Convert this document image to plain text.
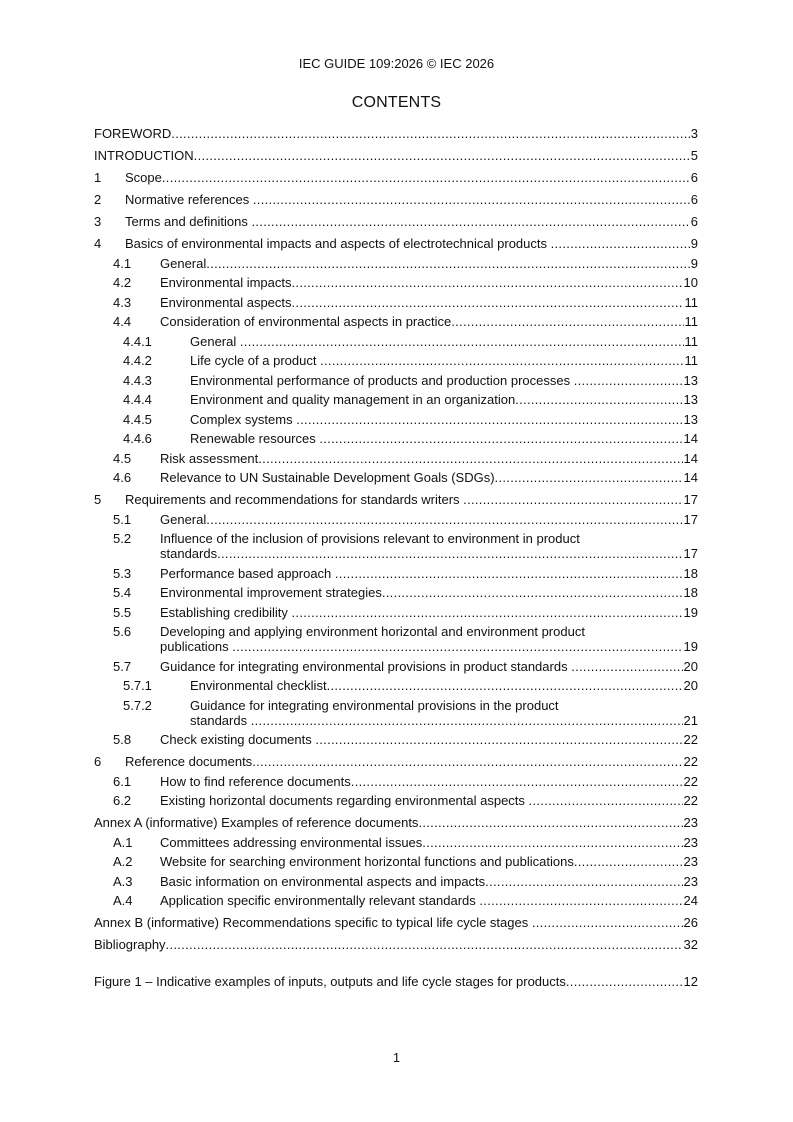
IEC GUIDE 109:2026 © IEC 2026
CONTENTS
FOREWORD .....	3
INTRODUCTION .....	5
1 Scope .....	6
2 Normative references .....	6
3 Terms and definitions .....	6
4 Basics of environmental impacts and aspects of electrotechnical products .....	9
4.1 General .....	9
4.2 Environmental impacts .....	10
4.3 Environmental aspects .....	11
4.4 Consideration of environmental aspects in practice .....	11
4.4.1	General .....	11
4.4.2	Life cycle of a product .....	11
4.4.3	Environmental performance of products and production processes .....	13
4.4.4	Environment and quality management in an organization .....	13
4.4.5	Complex systems .....	13
4.4.6	Renewable resources .....	14
4.5 Risk assessment .....	14
4.6 Relevance to UN Sustainable Development Goals (SDGs) .....	14
5 Requirements and recommendations for standards writers .....	17
5.1 General .....	17
5.2 Influence of the inclusion of provisions relevant to environment in product
standards .....	17
5.3 Performance based approach .....	18
5.4 Environmental improvement strategies .....	18
5.5 Establishing credibility .....	19
5.6 Developing and applying environment horizontal and environment product
publications .....	19
5.7 Guidance for integrating environmental provisions in product standards .....	20
5.7.1	Environmental checklist .....	20
5.7.2	Guidance for integrating environmental provisions in the product
standards .....	21
5.8 Check existing documents .....	22
6 Reference documents .....	22
6.1 How to find reference documents .....	22
6.2 Existing horizontal documents regarding environmental aspects .....	22
Annex A (informative) Examples of reference documents .....	23
A.1 Committees addressing environmental issues .....	23
A.2 Website for searching environment horizontal functions and publications .....	23
A.3 Basic information on environmental aspects and impacts .....	23
A.4 Application specific environmentally relevant standards .....	24
Annex B (informative) Recommendations specific to typical life cycle stages .....	26
Bibliography .....	32
Figure 1 – Indicative examples of inputs, outputs and life cycle stages for products .....	12
1
